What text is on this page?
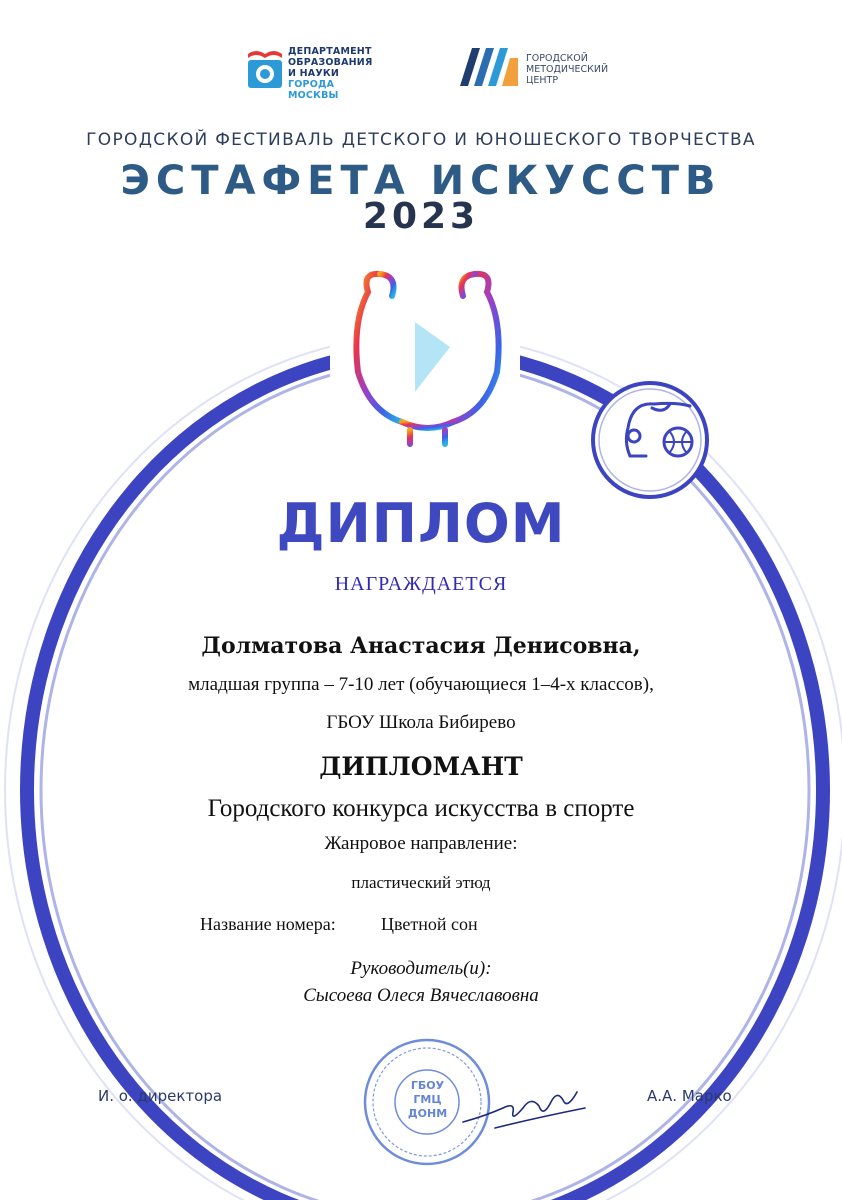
ДЕПАРТАМЕНТ
ОБРАЗОВАНИЯ
И НАУКИ
ГОРОДА МОСКВЫ
ГОРОДСКОЙ
МЕТОДИЧЕСКИЙ
ЦЕНТР
ГОРОДСКОЙ ФЕСТИВАЛЬ ДЕТСКОГО И ЮНОШЕСКОГО ТВОРЧЕСТВА
ЭСТАФЕТА ИСКУССТВ
2023
ДИПЛОМ
НАГРАЖДАЕТСЯ
Долматова Анастасия Денисовна,
младшая группа – 7-10 лет (обучающиеся 1–4-х классов),
ГБОУ Школа Бибирево
ДИПЛОМАНТ
Городского конкурса искусства в спорте
Жанровое направление:
пластический этюд
Название номера:	Цветной сон
Руководитель(и):
Сысоева Олеся Вячеславовна
ГБОУ
ГМЦ
ДОНМ
И. о. директора	А.А. Марко
